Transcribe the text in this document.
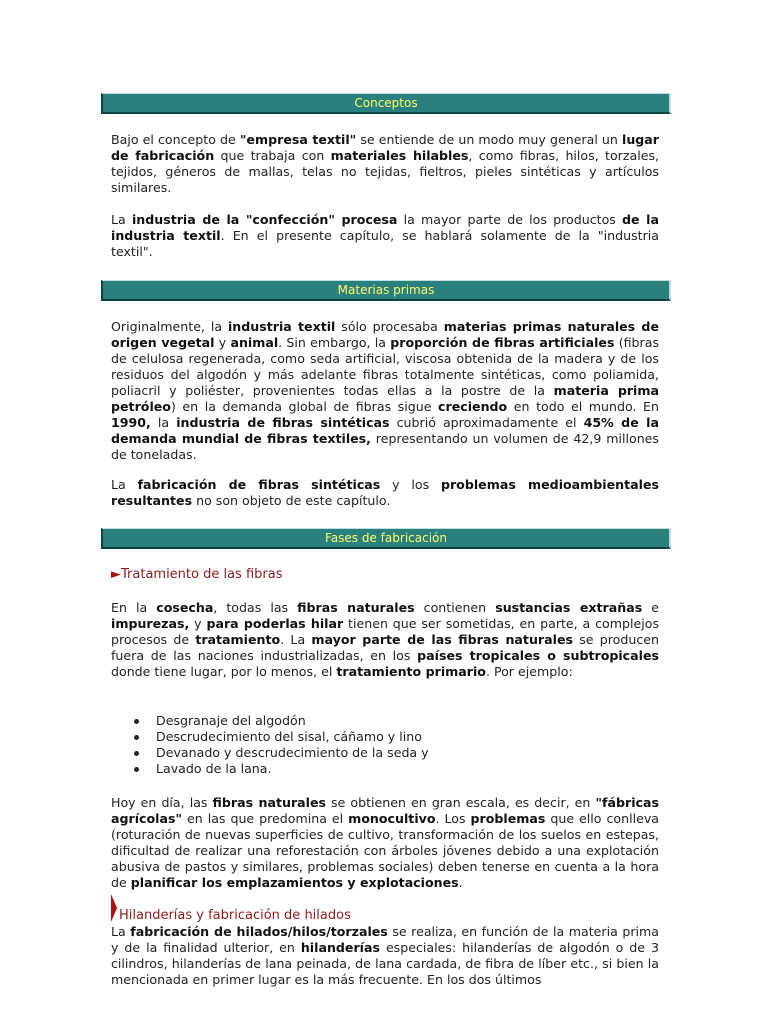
Conceptos
Bajo el concepto de "empresa textil" se entiende de un modo muy general un lugar de fabricación que trabaja con materiales hilables, como fibras, hilos, torzales, tejidos, géneros de mallas, telas no tejidas, fieltros, pieles sintéticas y artículos similares.
La industria de la "confección" procesa la mayor parte de los productos de la industria textil. En el presente capítulo, se hablará solamente de la "industria textil".
Materias primas
Originalmente, la industria textil sólo procesaba materias primas naturales de origen vegetal y animal. Sin embargo, la proporción de fibras artificiales (fibras de celulosa regenerada, como seda artificial, viscosa obtenida de la madera y de los residuos del algodón y más adelante fibras totalmente sintéticas, como poliamida, poliacril y poliéster, provenientes todas ellas a la postre de la materia prima petróleo) en la demanda global de fibras sigue creciendo en todo el mundo. En 1990, la industria de fibras sintéticas cubrió aproximadamente el 45% de la demanda mundial de fibras textiles, representando un volumen de 42,9 millones de toneladas.
La fabricación de fibras sintéticas y los problemas medioambientales resultantes no son objeto de este capítulo.
Fases de fabricación
►Tratamiento de las fibras
En la cosecha, todas las fibras naturales contienen sustancias extrañas e impurezas, y para poderlas hilar tienen que ser sometidas, en parte, a complejos procesos de tratamiento. La mayor parte de las fibras naturales se producen fuera de las naciones industrializadas, en los países tropicales o subtropicales donde tiene lugar, por lo menos, el tratamiento primario. Por ejemplo:
Desgranaje del algodón
Descrudecimiento del sisal, cáñamo y lino
Devanado y descrudecimiento de la seda y
Lavado de la lana.
Hoy en día, las fibras naturales se obtienen en gran escala, es decir, en "fábricas agrícolas" en las que predomina el monocultivo. Los problemas que ello conlleva (roturación de nuevas superficies de cultivo, transformación de los suelos en estepas, dificultad de realizar una reforestación con árboles jóvenes debido a una explotación abusiva de pastos y similares, problemas sociales) deben tenerse en cuenta a la hora de planificar los emplazamientos y explotaciones.
Hilanderías y fabricación de hilados
La fabricación de hilados/hilos/torzales se realiza, en función de la materia prima y de la finalidad ulterior, en hilanderías especiales: hilanderías de algodón o de 3 cilindros, hilanderías de lana peinada, de lana cardada, de fibra de líber etc., si bien la mencionada en primer lugar es la más frecuente. En los dos últimos
